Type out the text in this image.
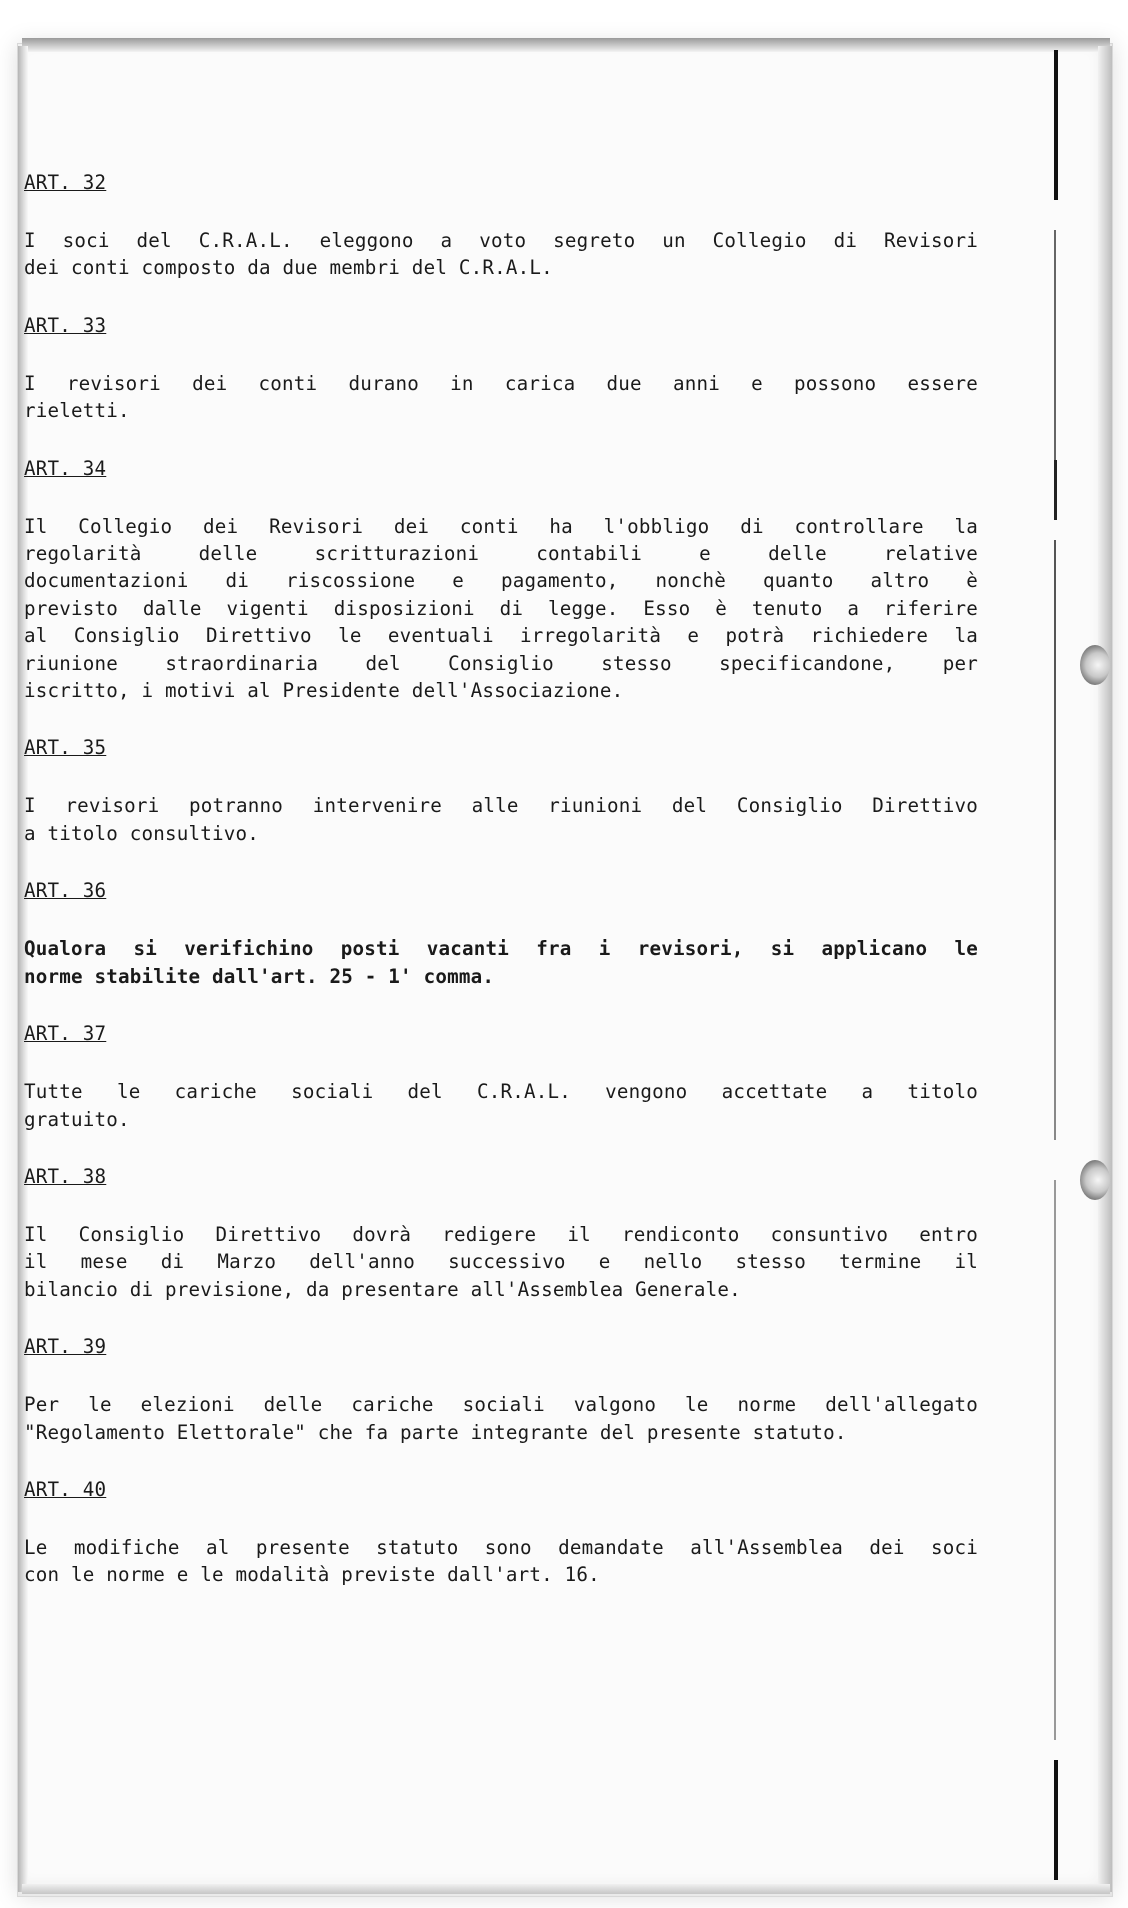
ART. 32

I soci del C.R.A.L. eleggono a voto segreto un Collegio di Revisori
dei conti composto da due membri del C.R.A.L.

ART. 33

I revisori dei conti durano in carica due anni e possono essere
rieletti.

ART. 34

Il Collegio dei Revisori dei conti ha l'obbligo di controllare la
regolarità delle scritturazioni contabili e delle relative
documentazioni di riscossione e pagamento, nonchè quanto altro è
previsto dalle vigenti disposizioni di legge. Esso è tenuto a riferire
al Consiglio Direttivo le eventuali irregolarità e potrà richiedere la
riunione straordinaria del Consiglio stesso specificandone, per
iscritto, i motivi al Presidente dell'Associazione.

ART. 35

I revisori potranno intervenire alle riunioni del Consiglio Direttivo
a titolo consultivo.

ART. 36

Qualora si verifichino posti vacanti fra i revisori, si applicano le
norme stabilite dall'art. 25 - 1' comma.

ART. 37

Tutte le cariche sociali del C.R.A.L. vengono accettate a titolo
gratuito.

ART. 38

Il Consiglio Direttivo dovrà redigere il rendiconto consuntivo entro
il mese di Marzo dell'anno successivo e nello stesso termine il
bilancio di previsione, da presentare all'Assemblea Generale.

ART. 39

Per le elezioni delle cariche sociali valgono le norme dell'allegato
"Regolamento Elettorale" che fa parte integrante del presente statuto.

ART. 40

Le modifiche al presente statuto sono demandate all'Assemblea dei soci
con le norme e le modalità previste dall'art. 16.
